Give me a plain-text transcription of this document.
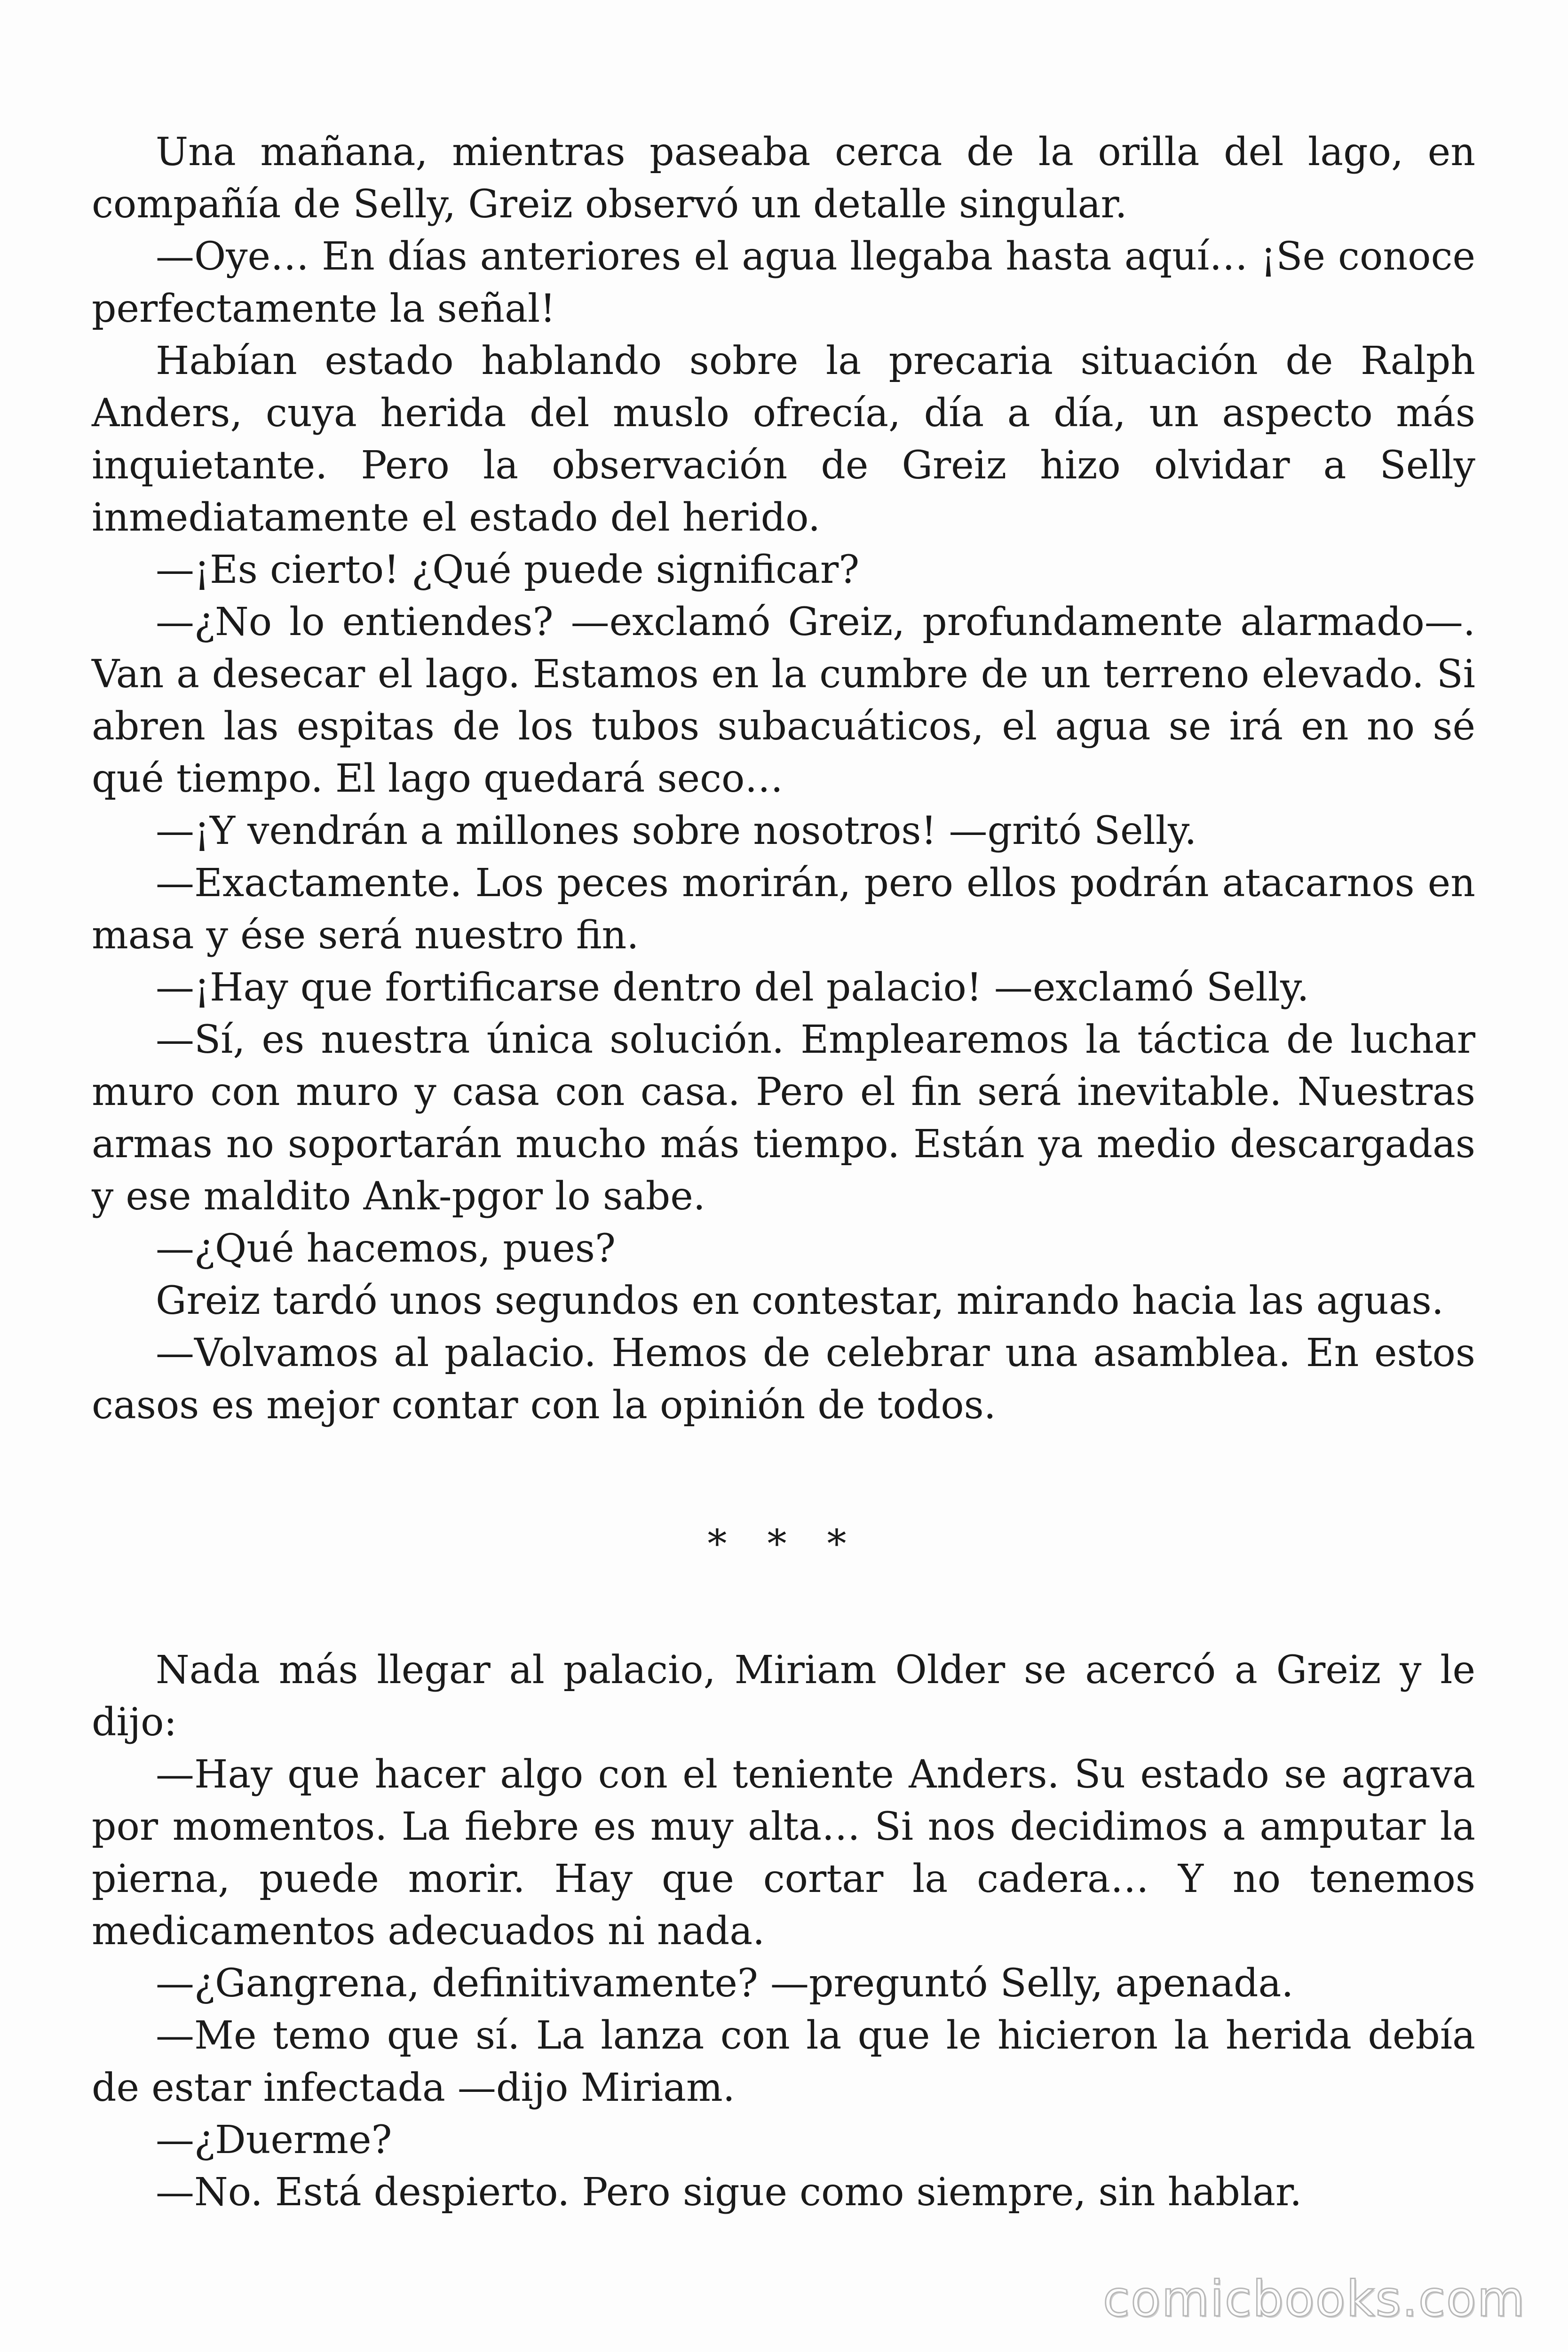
Una mañana, mientras paseaba cerca de la orilla del lago, en compañía de Selly, Greiz observó un detalle singular.

—Oye… En días anteriores el agua llegaba hasta aquí… ¡Se conoce perfectamente la señal!

Habían estado hablando sobre la precaria situación de Ralph Anders, cuya herida del muslo ofrecía, día a día, un aspecto más inquietante. Pero la observación de Greiz hizo olvidar a Selly inmediatamente el estado del herido.

—¡Es cierto! ¿Qué puede significar?

—¿No lo entiendes? —exclamó Greiz, profundamente alarmado—. Van a desecar el lago. Estamos en la cumbre de un terreno elevado. Si abren las espitas de los tubos subacuáticos, el agua se irá en no sé qué tiempo. El lago quedará seco…

—¡Y vendrán a millones sobre nosotros! —gritó Selly.

—Exactamente. Los peces morirán, pero ellos podrán atacarnos en masa y ése será nuestro fin.

—¡Hay que fortificarse dentro del palacio! —exclamó Selly.

—Sí, es nuestra única solución. Emplearemos la táctica de luchar muro con muro y casa con casa. Pero el fin será inevitable. Nuestras armas no soportarán mucho más tiempo. Están ya medio descargadas y ese maldito Ank-pgor lo sabe.

—¿Qué hacemos, pues?

Greiz tardó unos segundos en contestar, mirando hacia las aguas.

—Volvamos al palacio. Hemos de celebrar una asamblea. En estos casos es mejor contar con la opinión de todos.

* * *

Nada más llegar al palacio, Miriam Older se acercó a Greiz y le dijo:

—Hay que hacer algo con el teniente Anders. Su estado se agrava por momentos. La fiebre es muy alta… Si nos decidimos a amputar la pierna, puede morir. Hay que cortar la cadera… Y no tenemos medicamentos adecuados ni nada.

—¿Gangrena, definitivamente? —preguntó Selly, apenada.

—Me temo que sí. La lanza con la que le hicieron la herida debía de estar infectada —dijo Miriam.

—¿Duerme?

—No. Está despierto. Pero sigue como siempre, sin hablar.

comicbooks.com
